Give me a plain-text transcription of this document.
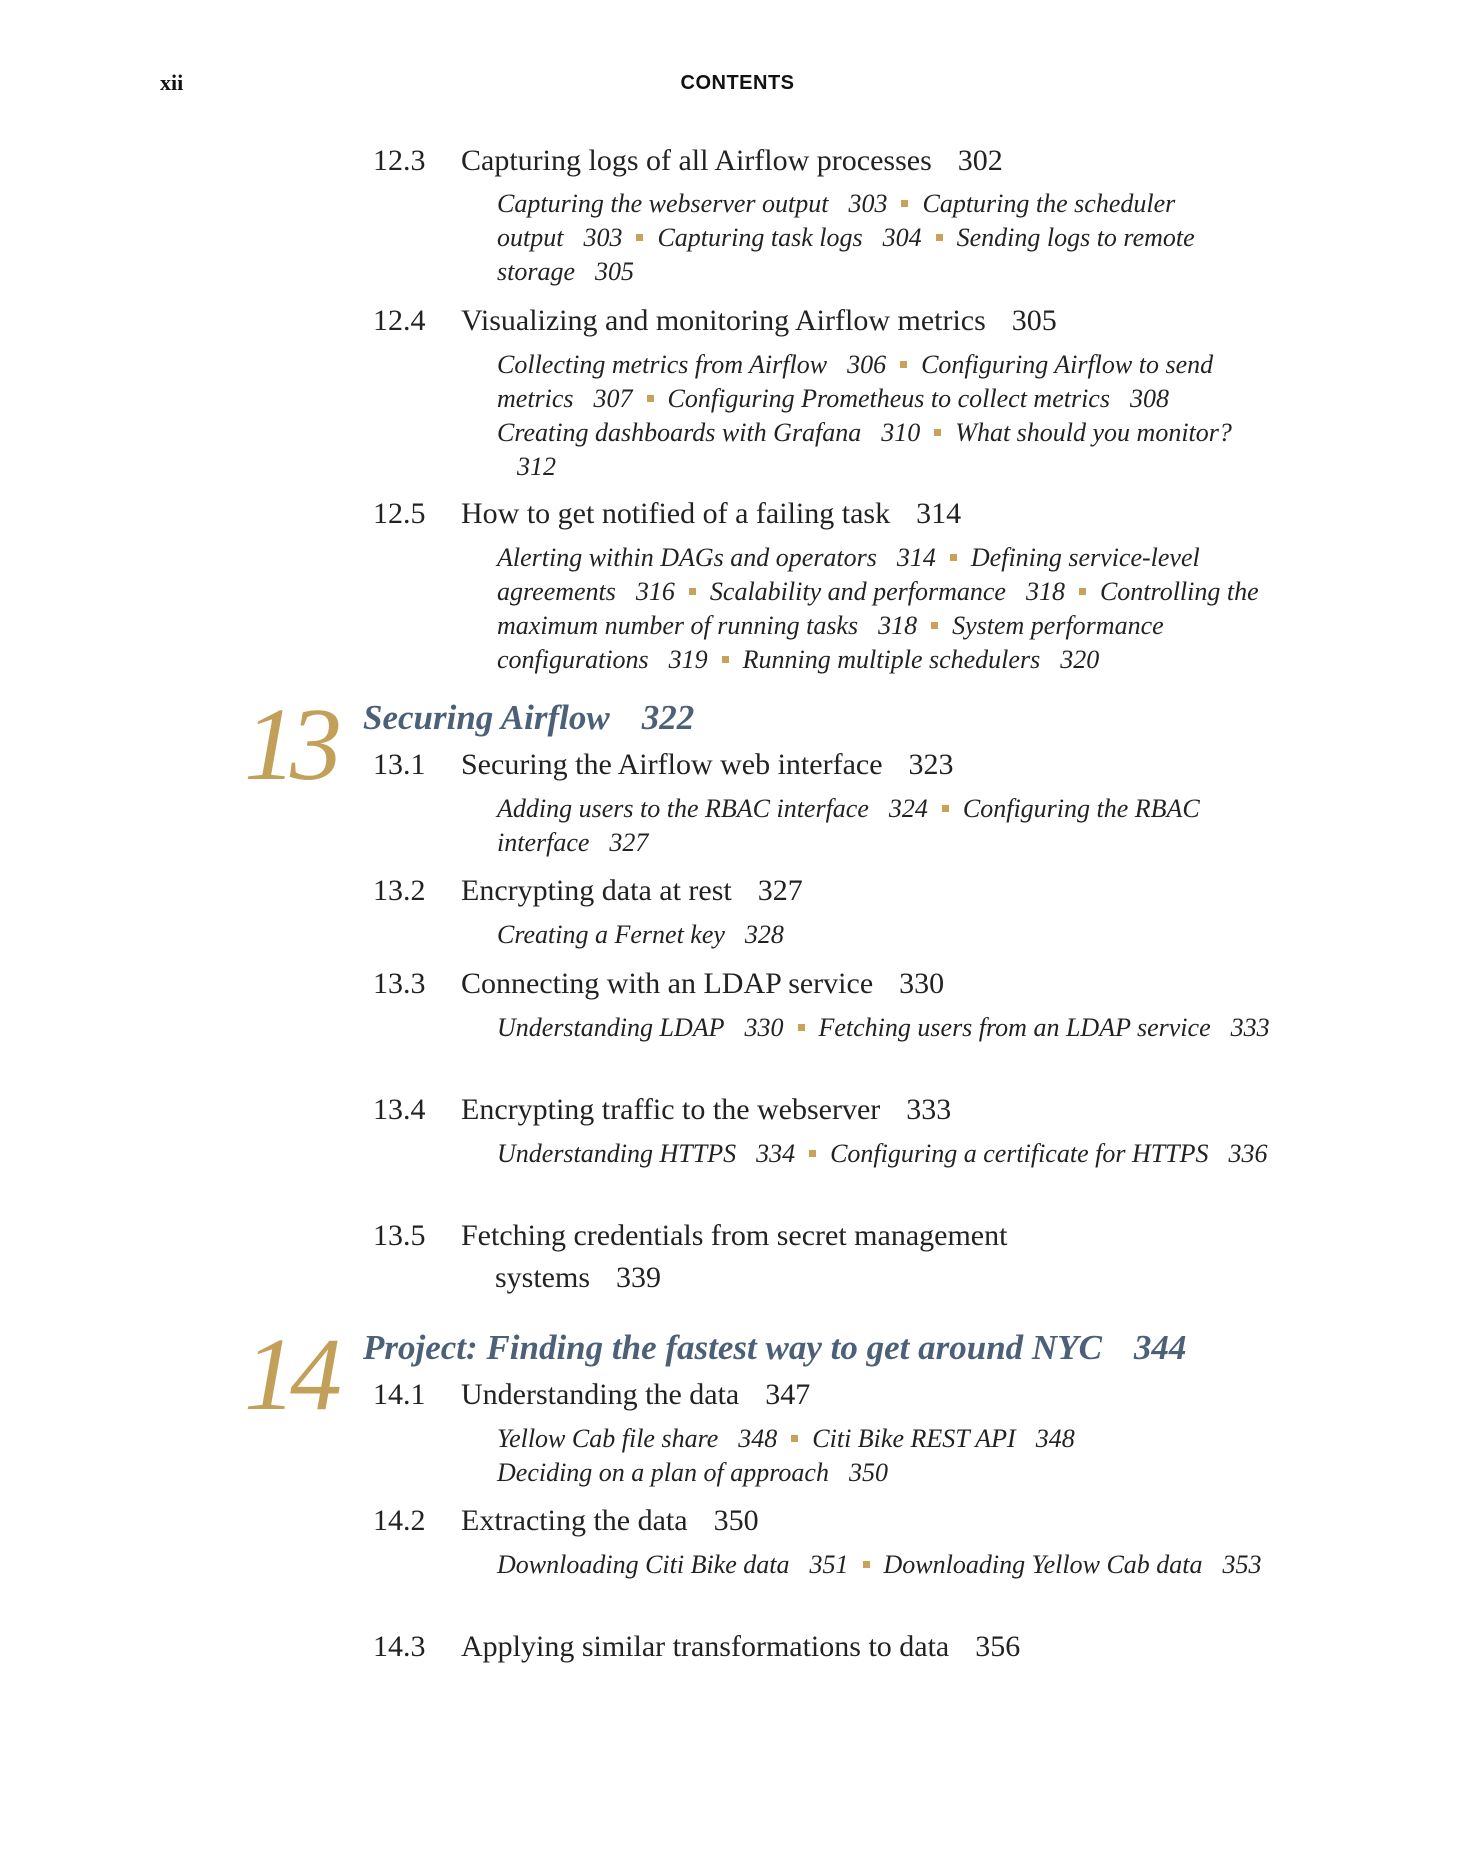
xii	CONTENTS
12.3 Capturing logs of all Airflow processes 302
Capturing the webserver output 303 Capturing the scheduler output 303 Capturing task logs 304 Sending logs to remote storage 305
12.4 Visualizing and monitoring Airflow metrics 305
Collecting metrics from Airflow 306 Configuring Airflow to send metrics 307 Configuring Prometheus to collect metrics 308
Creating dashboards with Grafana 310 What should you monitor?312
12.5 How to get notified of a failing task 314
Alerting within DAGs and operators 314 Defining service-level agreements 316 Scalability and performance 318 Controlling the maximum number of running tasks 318 System performance configurations 319 Running multiple schedulers 320
13 Securing Airflow 322
13.1 Securing the Airflow web interface 323
Adding users to the RBAC interface 324 Configuring the RBAC interface 327
13.2 Encrypting data at rest 327
Creating a Fernet key 328
13.3 Connecting with an LDAP service 330
Understanding LDAP 330 Fetching users from an LDAP service 333
13.4 Encrypting traffic to the webserver 333
Understanding HTTPS 334 Configuring a certificate for HTTPS 336
13.5 Fetching credentials from secret management
systems 339
14 Project: Finding the fastest way to get around NYC 344
14.1 Understanding the data 347
Yellow Cab file share 348 Citi Bike REST API 348
Deciding on a plan of approach 350
14.2 Extracting the data 350
Downloading Citi Bike data 351 Downloading Yellow Cab data 353
14.3 Applying similar transformations to data 356
